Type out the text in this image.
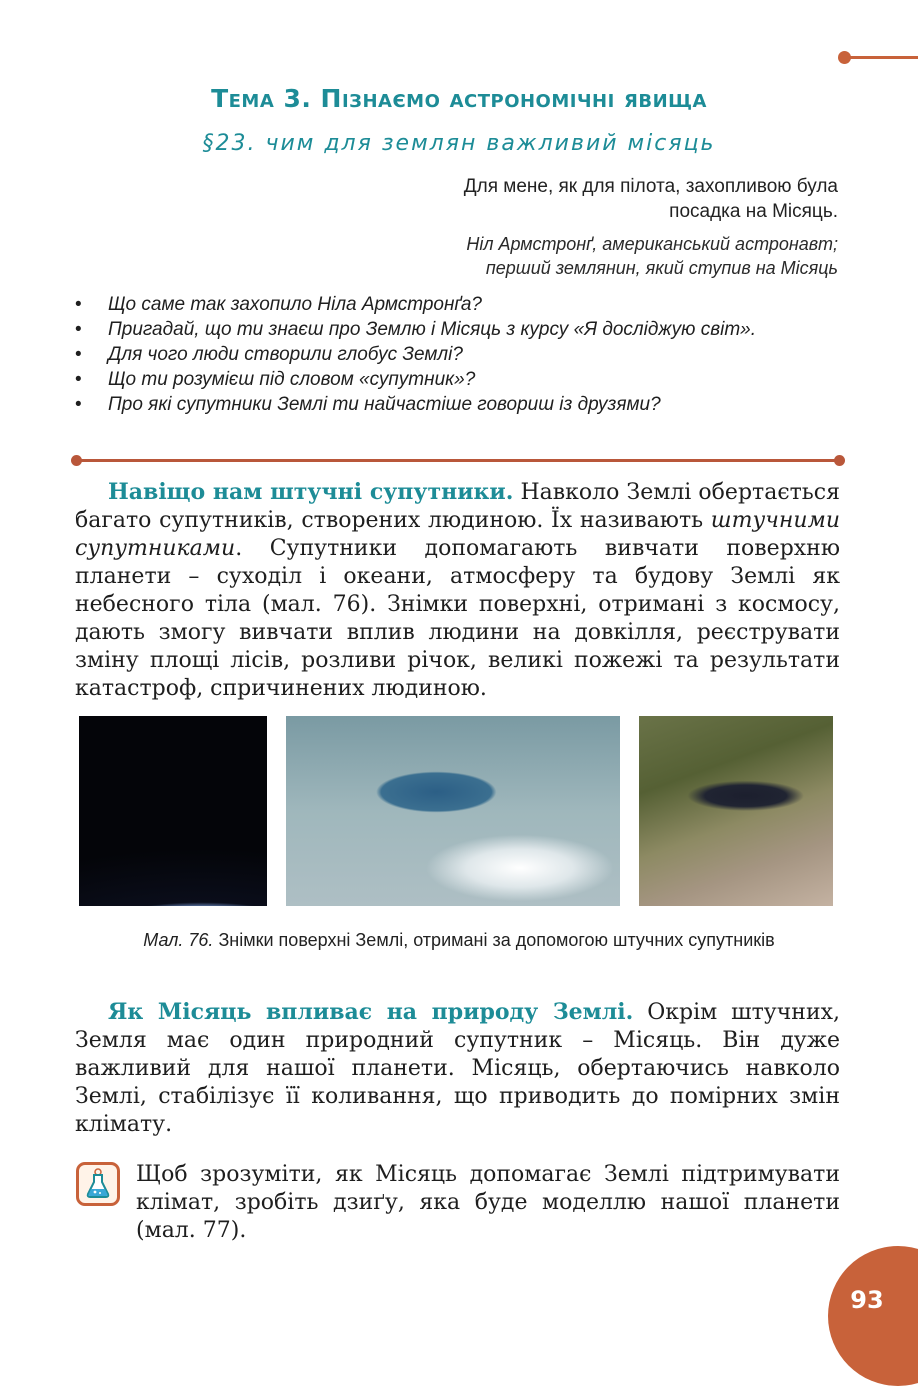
Тема 3. Пізнаємо астрономічні явища
§23. чим для землян важливий місяць
Для мене, як для пілота, захопливою була
посадка на Місяць.
Ніл Армстронґ, американський астронавт;
перший землянин, який ступив на Місяць
• Що саме так захопило Ніла Армстронґа?
• Пригадай, що ти знаєш про Землю і Місяць з курсу «Я досліджую світ».
• Для чого люди створили глобус Землі?
• Що ти розумієш під словом «супутник»?
• Про які супутники Землі ти найчастіше говориш із друзями?

Навіщо нам штучні супутники. Навколо Землі обертається багато супутників, створених людиною. Їх називають штучними супутниками. Супутники допомагають вивчати поверхню планети – суходіл і океани, атмосферу та будову Землі як небесного тіла (мал. 76). Знімки поверхні, отримані з космосу, дають змогу вивчати вплив людини на довкілля, реєструвати зміну площі лісів, розливи річок, великі пожежі та результати катастроф, спричинених людиною.

Мал. 76. Знімки поверхні Землі, отримані за допомогою штучних супутників

Як Місяць впливає на природу Землі. Окрім штучних, Земля має один природний супутник – Місяць. Він дуже важливий для нашої планети. Місяць, обертаючись навколо Землі, стабілізує її коливання, що приводить до помірних змін клімату.

Щоб зрозуміти, як Місяць допомагає Землі підтримувати клімат, зробіть дзиґу, яка буде моделлю нашої планети (мал. 77).

93
